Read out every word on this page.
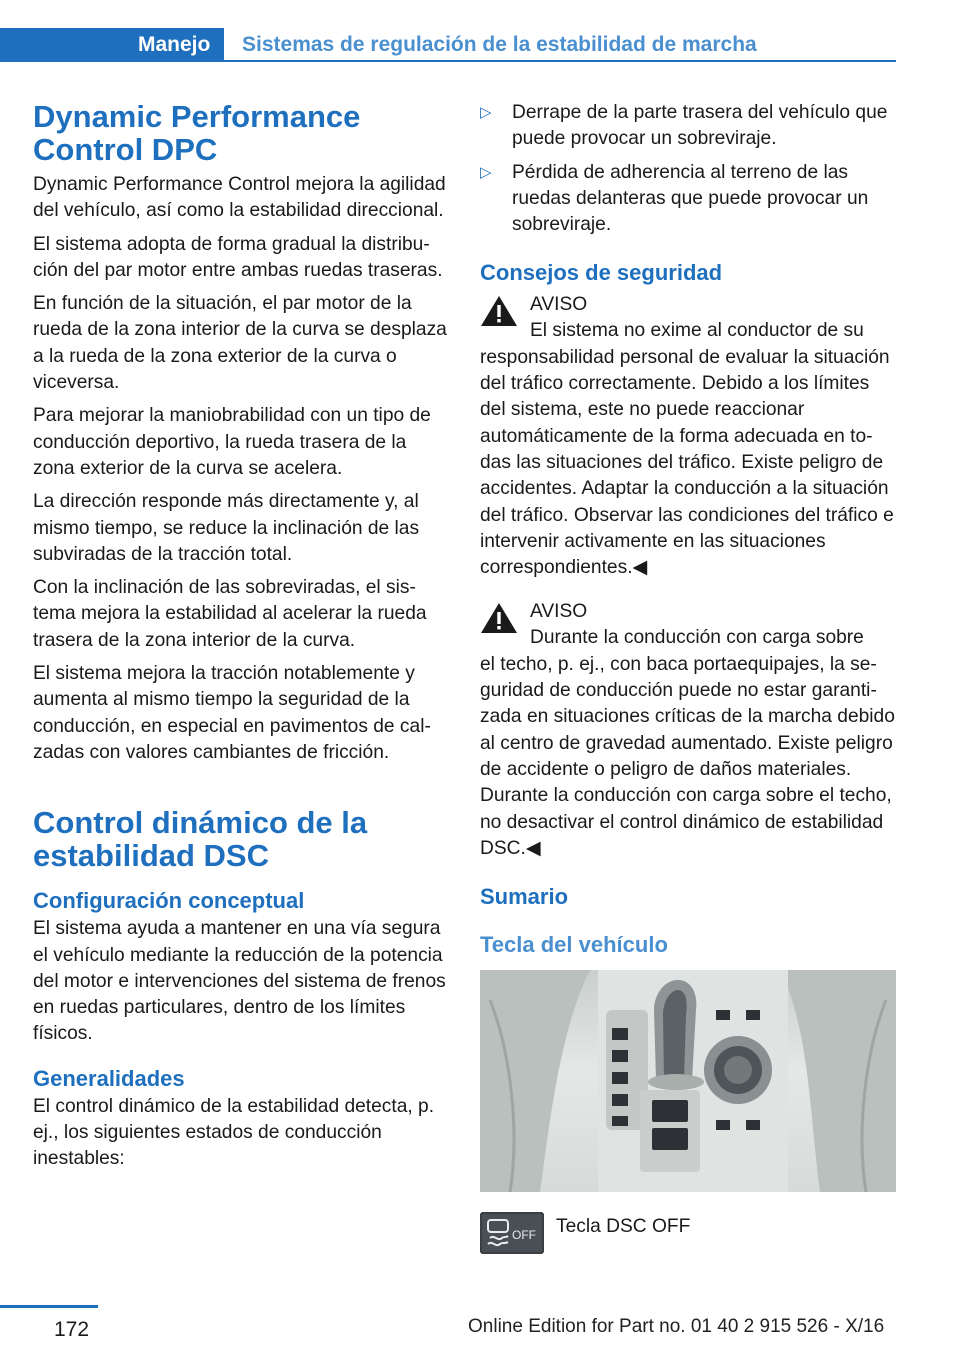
Manejo	Sistemas de regulación de la estabilidad de marcha
Dynamic Performance Control DPC

Dynamic Performance Control mejora la agilidad del vehículo, así como la estabilidad direccional.

El sistema adopta de forma gradual la distribución del par motor entre ambas ruedas traseras.

En función de la situación, el par motor de la rueda de la zona interior de la curva se desplaza a la rueda de la zona exterior de la curva o viceversa.

Para mejorar la maniobrabilidad con un tipo de conducción deportivo, la rueda trasera de la zona exterior de la curva se acelera.

La dirección responde más directamente y, al mismo tiempo, se reduce la inclinación de las subviradas de la tracción total.

Con la inclinación de las sobreviradas, el sistema mejora la estabilidad al acelerar la rueda trasera de la zona interior de la curva.

El sistema mejora la tracción notablemente y aumenta al mismo tiempo la seguridad de la conducción, en especial en pavimentos de calzadas con valores cambiantes de fricción.

Control dinámico de la estabilidad DSC
Configuración conceptual

El sistema ayuda a mantener en una vía segura el vehículo mediante la reducción de la potencia del motor e intervenciones del sistema de frenos en ruedas particulares, dentro de los límites físicos.

Generalidades

El control dinámico de la estabilidad detecta, p. ej., los siguientes estados de conducción inestables:

▷ Derrape de la parte trasera del vehículo que puede provocar un sobreviraje.
▷ Pérdida de adherencia al terreno de las ruedas delanteras que puede provocar un sobreviraje.
Consejos de seguridad
AVISO
El sistema no exime al conductor de su
responsabilidad personal de evaluar la situación del tráfico correctamente. Debido a los límites del sistema, este no puede reaccionar automáticamente de la forma adecuada en todas las situaciones del tráfico. Existe peligro de accidentes. Adaptar la conducción a la situación del tráfico. Observar las condiciones del tráfico e intervenir activamente en las situaciones correspondientes.◀
AVISO
Durante la conducción con carga sobre
el techo, p. ej., con baca portaequipajes, la seguridad de conducción puede no estar garantizada en situaciones críticas de la marcha debido al centro de gravedad aumentado. Existe peligro de accidente o peligro de daños materiales. Durante la conducción con carga sobre el techo, no desactivar el control dinámico de estabilidad DSC.◀
Sumario
Tecla del vehículo
OFF Tecla DSC OFF
172	Online Edition for Part no. 01 40 2 915 526 - X/16
